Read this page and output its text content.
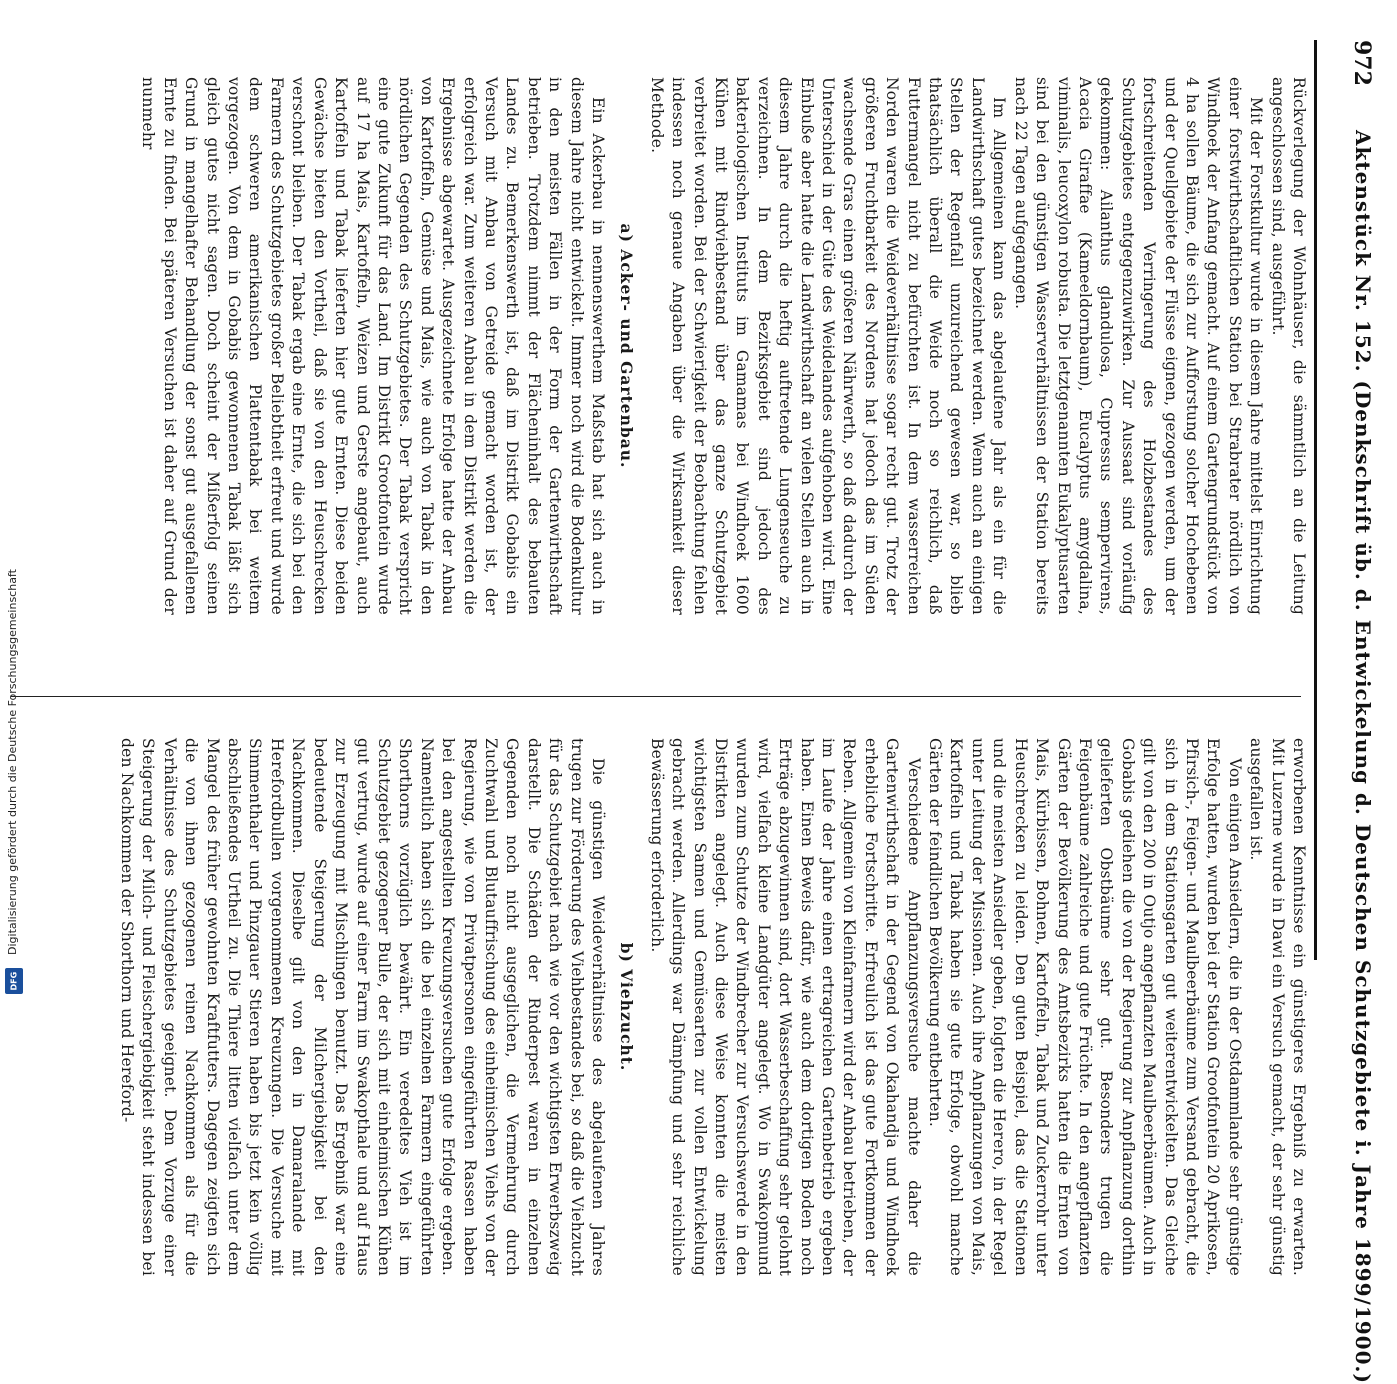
972
Aktenstück Nr. 152. (Denkschrift üb. d. Entwickelung d. Deutschen Schutzgebiete i. Jahre 1899/1900.)

Rückverlegung der Wohnhäuser, die sämmtlich an die Leitung angeschlossen sind, ausgeführt.

Mit der Forstkultur wurde in diesem Jahre mittelst Einrichtung einer forstwirthschaftlichen Station bei Strabrater nördlich von Windhoek der Anfang gemacht. Auf einem Gartengrundstück von 4 ha sollen Bäume, die sich zur Aufforstung solcher Hochebenen und der Quellgebiete der Flüsse eignen, gezogen werden, um der fortschreitenden Verringerung des Holzbestandes des Schutzgebietes entgegenzuwirken. Zur Aussaat sind vorläufig gekommen: Ailanthus glandulosa, Cupressus sempervirens, Acacia Giraffae (Kameeldornbaum), Eucalyptus amygdalina, viminalis, leucoxylon robusta. Die letztgenannten Eukalyptusarten sind bei den günstigen Wasserverhältnissen der Station bereits nach 22 Tagen aufgegangen.

Im Allgemeinen kann das abgelaufene Jahr als ein für die Landwirthschaft gutes bezeichnet werden. Wenn auch an einigen Stellen der Regenfall unzureichend gewesen war, so blieb thatsächlich überall die Weide noch so reichlich, daß Futtermangel nicht zu befürchten ist. In dem wasserreichen Norden waren die Weideverhältnisse sogar recht gut. Trotz der größeren Fruchtbarkeit des Nordens hat jedoch das im Süden wachsende Gras einen größeren Nährwerth, so daß dadurch der Unterschied in der Güte des Weidelandes aufgehoben wird. Eine Einbuße aber hatte die Landwirthschaft an vielen Stellen auch in diesem Jahre durch die heftig auftretende Lungenseuche zu verzeichnen. In dem Bezirksgebiet sind jedoch des bakteriologischen Instituts im Gamamas bei Windhoek 1600 Kühen mit Rindviehbestand über das ganze Schutzgebiet verbreitet worden. Bei der Schwierigkeit der Beobachtung fehlen indessen noch genaue Angaben über die Wirksamkeit dieser Methode.

a) Acker- und Gartenbau.

Ein Ackerbau in nennenswerthem Maßstab hat sich auch in diesem Jahre nicht entwickelt. Immer noch wird die Bodenkultur in den meisten Fällen in der Form der Gartenwirthschaft betrieben. Trotzdem nimmt der Flächeninhalt des bebauten Landes zu. Bemerkenswerth ist, daß im Distrikt Gobabis ein Versuch mit Anbau von Getreide gemacht worden ist, der erfolgreich war. Zum weiteren Anbau in dem Distrikt werden die Ergebnisse abgewartet. Ausgezeichnete Erfolge hatte der Anbau von Kartoffeln, Gemüse und Mais, wie auch von Tabak in den nördlichen Gegenden des Schutzgebietes. Der Tabak verspricht eine gute Zukunft für das Land. Im Distrikt Grootfontein wurde auf 17 ha Mais, Kartoffeln, Weizen und Gerste angebaut, auch Kartoffeln und Tabak lieferten hier gute Ernten. Diese beiden Gewächse bieten den Vortheil, daß sie von den Heuschrecken verschont bleiben. Der Tabak ergab eine Ernte, die sich bei den Farmern des Schutzgebietes großer Beliebtheit erfreut und wurde dem schweren amerikanischen Plattentabak bei weitem vorgezogen. Von dem in Gobabis gewonnenen Tabak läßt sich gleich gutes nicht sagen. Doch scheint der Mißerfolg seinen Grund in mangelhafter Behandlung der sonst gut ausgefallenen Ernte zu finden. Bei späteren Versuchen ist daher auf Grund der nunmehr

erworbenen Kenntnisse ein günstigeres Ergebniß zu erwarten. Mit Luzerne wurde in Dawi ein Versuch gemacht, der sehr günstig ausgefallen ist.

Von einigen Ansiedlern, die in der Ostdammlande sehr günstige Erfolge hatten, wurden bei der Station Grootfontein 20 Aprikosen, Pfirsich-, Feigen- und Maulbeerbäume zum Versand gebracht, die sich in dem Stationsgarten gut weiterentwickelten. Das Gleiche gilt von den 200 in Outjo angepflanzten Maulbeerbäumen. Auch in Gobabis gediehen die von der Regierung zur Anpflanzung dorthin gelieferten Obstbäume sehr gut. Besonders trugen die Feigenbäume zahlreiche und gute Früchte. In den angepflanzten Gärten der Bevölkerung des Amtsbezirks hatten die Ernten von Mais, Kürbissen, Bohnen, Kartoffeln, Tabak und Zuckerrohr unter Heuschrecken zu leiden. Den guten Beispiel, das die Stationen und die meisten Ansiedler geben, folgten die Herero, in der Regel unter Leitung der Missionen. Auch ihre Anpflanzungen von Mais, Kartoffeln und Tabak haben sie gute Erfolge, obwohl manche Gärten der feindlichen Bevölkerung entbehrten.

Verschiedene Anpflanzungsversuche machte daher die Gartenwirthschaft in der Gegend von Okahandja und Windhoek erhebliche Fortschritte. Erfreulich ist das gute Fortkommen der Reben. Allgemein von Kleinfarmern wird der Anbau betrieben, der im Laufe der Jahre einen ertragreichen Gartenbetrieb ergeben haben. Einen Beweis dafür, wie auch dem dortigen Boden noch Erträge abzugewinnen sind, dort Wasserbeschaffung sehr gelohnt wird, vielfach kleine Landgüter angelegt. Wo in Swakopmund wurden zum Schutze der Windbrecher zur Versuchswerde in den Distrikten angelegt. Auch diese Weise konnten die meisten wichtigsten Samen und Gemüsearten zur vollen Entwickelung gebracht werden. Allerdings war Dämpfung und sehr reichliche Bewässerung erforderlich.

b) Viehzucht.

Die günstigen Weideverhältnisse des abgelaufenen Jahres trugen zur Förderung des Viehbestandes bei, so daß die Viehzucht für das Schutzgebiet nach wie vor den wichtigsten Erwerbszweig darstellt. Die Schäden der Rinderpest waren in einzelnen Gegenden noch nicht ausgeglichen, die Vermehrung durch Zuchtwahl und Blutauffrischung des einheimischen Viehs von der Regierung, wie von Privatpersonen eingeführten Rassen haben bei den angestellten Kreuzungsversuchen gute Erfolge ergeben. Namentlich haben sich die bei einzelnen Farmern eingeführten Shorthorns vorzüglich bewährt. Ein veredeltes Vieh ist im Schutzgebiet gezogener Bulle, der sich mit einheimischen Kühen gut vertrug, wurde auf einer Farm im Swakopthale und auf Haus zur Erzeugung mit Mischlingen benutzt. Das Ergebniß war eine bedeutende Steigerung der Milchergiebigkeit bei den Nachkommen. Dieselbe gilt von den in Damaralande mit Herefordbullen vorgenommenen Kreuzungen. Die Versuche mit Simmenthaler und Pinzgauer Stieren haben bis jetzt kein völlig abschließendes Urtheil zu. Die Thiere litten vielfach unter dem Mangel des früher gewohnten Kraftfutters. Dagegen zeigten sich die von ihnen gezogenen reinen Nachkommen als für die Verhältnisse des Schutzgebietes geeignet. Dem Vorzuge einer Steigerung der Milch- und Fleischergiebigkeit steht indessen bei den Nachkommen der Shorthorn und Hereford-

Digitalisierung gefördert durch die Deutsche Forschungsgemeinschaft
DFG
